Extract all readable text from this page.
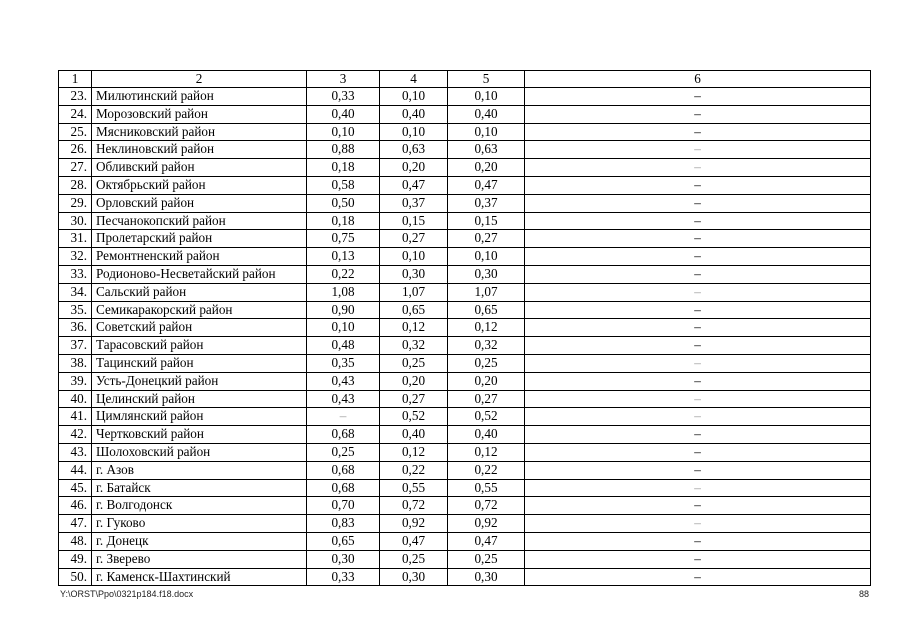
1	2	3	4	5	6
23.	Милютинский район	0,33	0,10	0,10	–
24.	Морозовский район	0,40	0,40	0,40	–
25.	Мясниковский район	0,10	0,10	0,10	–
26.	Неклиновский район	0,88	0,63	0,63	–
27.	Обливский район	0,18	0,20	0,20	–
28.	Октябрьский район	0,58	0,47	0,47	–
29.	Орловский район	0,50	0,37	0,37	–
30.	Песчанокопский район	0,18	0,15	0,15	–
31.	Пролетарский район	0,75	0,27	0,27	–
32.	Ремонтненский район	0,13	0,10	0,10	–
33.	Родионово-Несветайский район	0,22	0,30	0,30	–
34.	Сальский район	1,08	1,07	1,07	–
35.	Семикаракорский район	0,90	0,65	0,65	–
36.	Советский район	0,10	0,12	0,12	–
37.	Тарасовский район	0,48	0,32	0,32	–
38.	Тацинский район	0,35	0,25	0,25	–
39.	Усть-Донецкий район	0,43	0,20	0,20	–
40.	Целинский район	0,43	0,27	0,27	–
41.	Цимлянский район	–	0,52	0,52	–
42.	Чертковский район	0,68	0,40	0,40	–
43.	Шолоховский район	0,25	0,12	0,12	–
44.	г. Азов	0,68	0,22	0,22	–
45.	г. Батайск	0,68	0,55	0,55	–
46.	г. Волгодонск	0,70	0,72	0,72	–
47.	г. Гуково	0,83	0,92	0,92	–
48.	г. Донецк	0,65	0,47	0,47	–
49.	г. Зверево	0,30	0,25	0,25	–
50.	г. Каменск-Шахтинский	0,33	0,30	0,30	–
Y:\ORST\Ppo\0321p184.f18.docx	88
